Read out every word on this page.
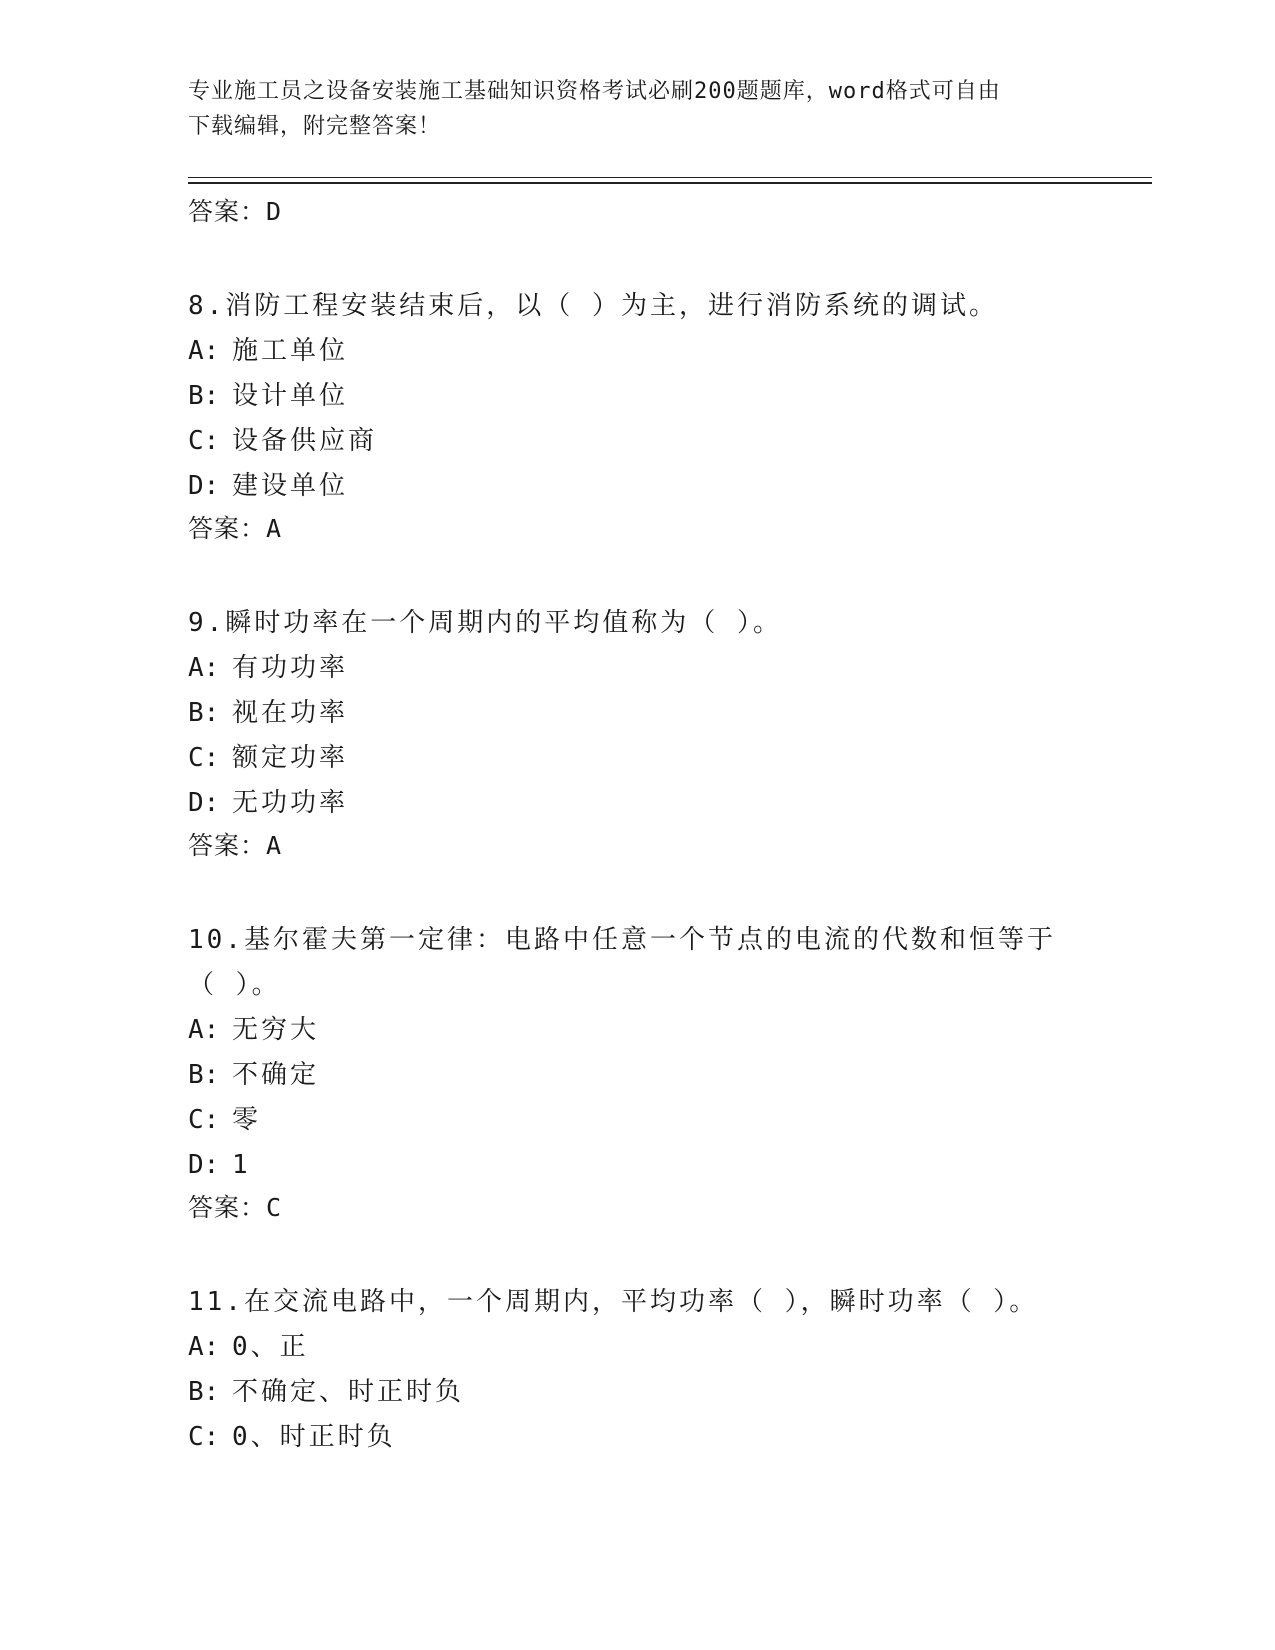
专业施工员之设备安装施工基础知识资格考试必刷200题题库，word格式可自由
下载编辑，附完整答案！
答案：D
8.消防工程安装结束后，以（ ）为主，进行消防系统的调试。
A: 施工单位
B: 设计单位
C: 设备供应商
D: 建设单位
答案：A
9.瞬时功率在一个周期内的平均值称为（ ）。
A: 有功功率
B: 视在功率
C: 额定功率
D: 无功功率
答案：A
10.基尔霍夫第一定律：电路中任意一个节点的电流的代数和恒等于（ ）。
A: 无穷大
B: 不确定
C: 零
D: 1
答案：C
11.在交流电路中，一个周期内，平均功率（ ），瞬时功率（ ）。
A: 0、正
B: 不确定、时正时负
C: 0、时正时负
